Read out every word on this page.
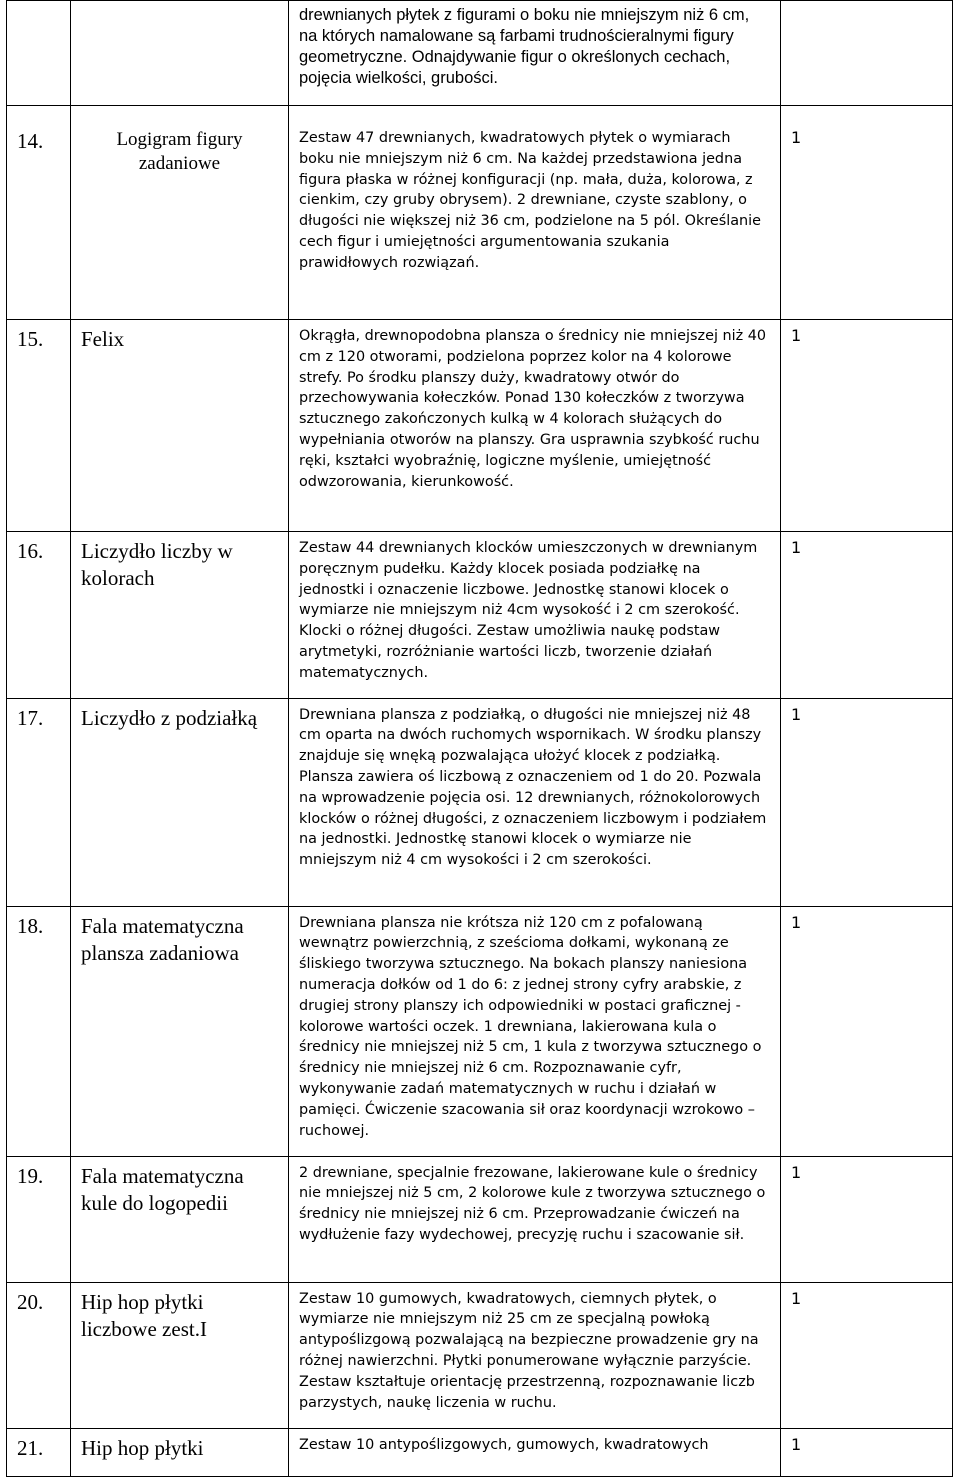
		drewnianych płytek z figurami o boku nie mniejszym niż 6 cm, na których namalowane są farbami trudnościeralnymi figury geometryczne. Odnajdywanie figur o określonych cechach, pojęcia wielkości, grubości.	
14.	Logigram figury zadaniowe	Zestaw 47 drewnianych, kwadratowych płytek o wymiarach boku nie mniejszym niż 6 cm. Na każdej przedstawiona jedna figura płaska w różnej konfiguracji (np. mała, duża, kolorowa, z cienkim, czy gruby obrysem). 2 drewniane, czyste szablony, o długości nie większej niż 36 cm, podzielone na 5 pól. Określanie cech figur i umiejętności argumentowania szukania prawidłowych rozwiązań.	1
15.	Felix	Okrągła, drewnopodobna plansza o średnicy nie mniejszej niż 40 cm z 120 otworami, podzielona poprzez kolor na 4 kolorowe strefy. Po środku planszy duży, kwadratowy otwór do przechowywania kołeczków. Ponad 130 kołeczków z tworzywa sztucznego zakończonych kulką w 4 kolorach służących do wypełniania otworów na planszy. Gra usprawnia szybkość ruchu ręki, kształci wyobraźnię, logiczne myślenie, umiejętność odwzorowania, kierunkowość.	1
16.	Liczydło liczby w kolorach	Zestaw 44 drewnianych klocków umieszczonych w drewnianym poręcznym pudełku. Każdy klocek posiada podziałkę na jednostki i oznaczenie liczbowe. Jednostkę stanowi klocek o wymiarze nie mniejszym niż 4cm wysokość i 2 cm szerokość. Klocki o różnej długości. Zestaw umożliwia naukę podstaw arytmetyki, rozróżnianie wartości liczb, tworzenie działań matematycznych.	1
17.	Liczydło z podziałką	Drewniana plansza z podziałką, o długości nie mniejszej niż 48 cm oparta na dwóch ruchomych wspornikach. W środku planszy znajduje się wnęką pozwalająca ułożyć klocek z podziałką. Plansza zawiera oś liczbową z oznaczeniem od 1 do 20. Pozwala na wprowadzenie pojęcia osi. 12 drewnianych, różnokolorowych klocków o różnej długości, z oznaczeniem liczbowym i podziałem na jednostki. Jednostkę stanowi klocek o wymiarze nie mniejszym niż 4 cm wysokości i 2 cm szerokości.	1
18.	Fala matematyczna plansza zadaniowa	Drewniana plansza nie krótsza niż 120 cm z pofalowaną wewnątrz powierzchnią, z sześcioma dołkami, wykonaną ze śliskiego tworzywa sztucznego. Na bokach planszy naniesiona numeracja dołków od 1 do 6: z jednej strony cyfry arabskie, z drugiej strony planszy ich odpowiedniki w postaci graficznej - kolorowe wartości oczek. 1 drewniana, lakierowana kula o średnicy nie mniejszej niż 5 cm, 1 kula z tworzywa sztucznego o średnicy nie mniejszej niż 6 cm. Rozpoznawanie cyfr, wykonywanie zadań matematycznych w ruchu i działań w pamięci. Ćwiczenie szacowania sił oraz koordynacji wzrokowo – ruchowej.	1
19.	Fala matematyczna kule do logopedii	2 drewniane, specjalnie frezowane, lakierowane kule o średnicy nie mniejszej niż 5 cm, 2 kolorowe kule z tworzywa sztucznego o średnicy nie mniejszej niż 6 cm. Przeprowadzanie ćwiczeń na wydłużenie fazy wydechowej, precyzję ruchu i szacowanie sił.	1
20.	Hip hop płytki liczbowe zest.I	Zestaw 10 gumowych, kwadratowych, ciemnych płytek, o wymiarze nie mniejszym niż 25 cm ze specjalną powłoką antypoślizgową pozwalającą na bezpieczne prowadzenie gry na różnej nawierzchni. Płytki ponumerowane wyłącznie parzyście. Zestaw kształtuje orientację przestrzenną, rozpoznawanie liczb parzystych, naukę liczenia w ruchu.	1
21.	Hip hop płytki	Zestaw 10 antypoślizgowych, gumowych, kwadratowych	1
